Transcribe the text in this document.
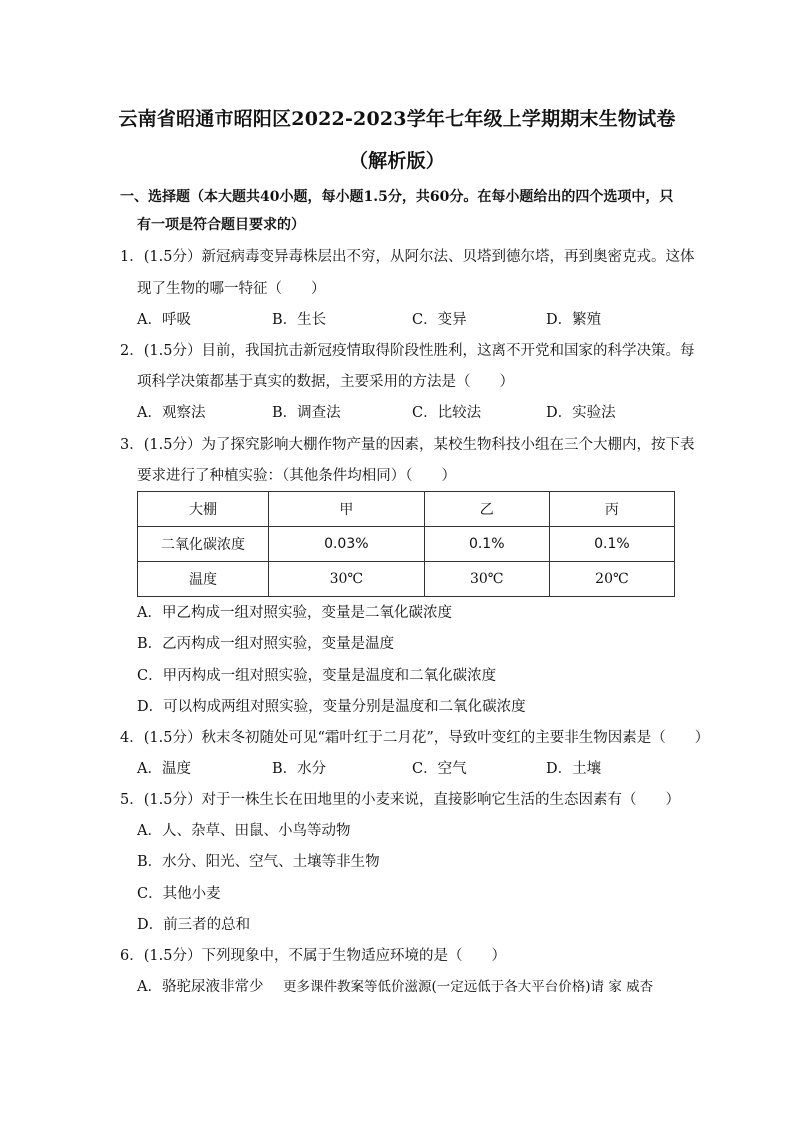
云南省昭通市昭阳区2022-2023学年七年级上学期期末生物试卷
（解析版）
一、选择题（本大题共40小题，每小题1.5分，共60分。在每小题给出的四个选项中，只
有一项是符合题目要求的）
1．(1.5分）新冠病毒变异毒株层出不穷，从阿尔法、贝塔到德尔塔，再到奥密克戎。这体
现了生物的哪一特征（　　）
A．呼吸	B．生长	C．变异	D．繁殖
2．(1.5分）目前，我国抗击新冠疫情取得阶段性胜利，这离不开党和国家的科学决策。每
项科学决策都基于真实的数据，主要采用的方法是（　　）
A．观察法	B．调查法	C．比较法	D．实验法
3．(1.5分）为了探究影响大棚作物产量的因素，某校生物科技小组在三个大棚内，按下表
要求进行了种植实验：（其他条件均相同）（　　）
大棚	甲	乙	丙
二氧化碳浓度	0.03%	0.1%	0.1%
温度	30℃	30℃	20℃
A．甲乙构成一组对照实验，变量是二氧化碳浓度
B．乙丙构成一组对照实验，变量是温度
C．甲丙构成一组对照实验，变量是温度和二氧化碳浓度
D．可以构成两组对照实验，变量分别是温度和二氧化碳浓度
4．(1.5分）秋末冬初随处可见“霜叶红于二月花”，导致叶变红的主要非生物因素是（　　）
A．温度	B．水分	C．空气	D．土壤
5．(1.5分）对于一株生长在田地里的小麦来说，直接影响它生活的生态因素有（　　）
A．人、杂草、田鼠、小鸟等动物
B．水分、阳光、空气、土壤等非生物
C．其他小麦
D．前三者的总和
6．(1.5分）下列现象中，不属于生物适应环境的是（　　）
A．骆驼尿液非常少 更多课件教案等低价滋源(一定远低于各大平台价格)请 家 威杏
